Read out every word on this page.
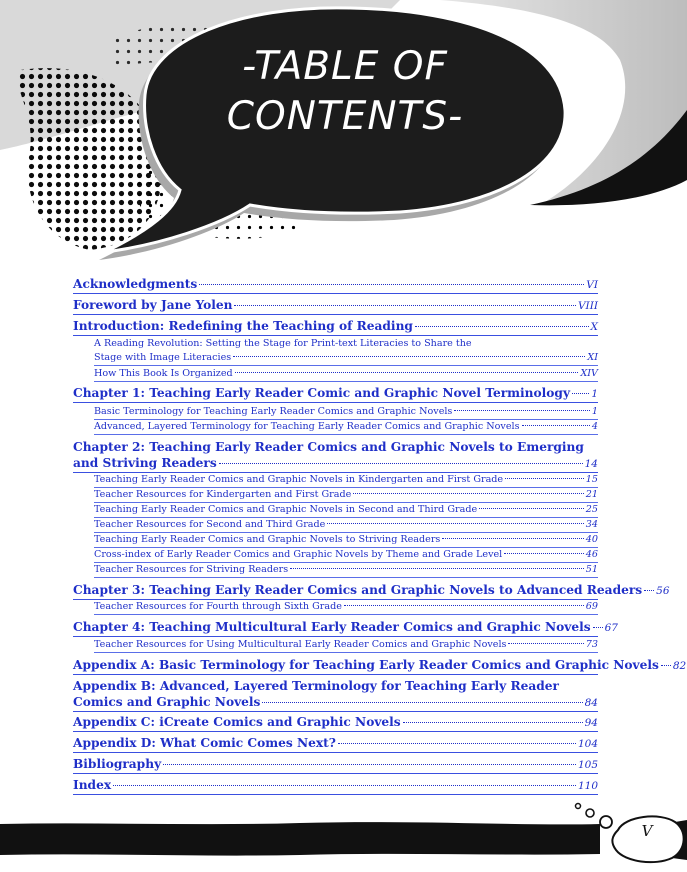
-TABLE OF
CONTENTS-
Acknowledgments	VI
Foreword by Jane Yolen	VIII
Introduction: Redefining the Teaching of Reading	X
A Reading Revolution: Setting the Stage for Print-text Literacies to Share the
Stage with Image Literacies	XI
How This Book Is Organized	XIV
Chapter 1: Teaching Early Reader Comic and Graphic Novel Terminology 1
Basic Terminology for Teaching Early Reader Comics and Graphic Novels	1
Advanced, Layered Terminology for Teaching Early Reader Comics and Graphic Novels	4
Chapter 2: Teaching Early Reader Comics and Graphic Novels to Emerging
and Striving Readers	14
Teaching Early Reader Comics and Graphic Novels in Kindergarten and First Grade	15
Teacher Resources for Kindergarten and First Grade	21
Teaching Early Reader Comics and Graphic Novels in Second and Third Grade	25
Teacher Resources for Second and Third Grade	34
Teaching Early Reader Comics and Graphic Novels to Striving Readers	40
Cross-index of Early Reader Comics and Graphic Novels by Theme and Grade Level	46
Teacher Resources for Striving Readers	51
Chapter 3: Teaching Early Reader Comics and Graphic Novels to Advanced Readers 56
Teacher Resources for Fourth through Sixth Grade	69
Chapter 4: Teaching Multicultural Early Reader Comics and Graphic Novels 67
Teacher Resources for Using Multicultural Early Reader Comics and Graphic Novels	73
Appendix A: Basic Terminology for Teaching Early Reader Comics and Graphic Novels 82
Appendix B: Advanced, Layered Terminology for Teaching Early Reader
Comics and Graphic Novels	84
Appendix C: iCreate Comics and Graphic Novels	94
Appendix D: What Comic Comes Next?	104
Bibliography	105
Index	110
V
